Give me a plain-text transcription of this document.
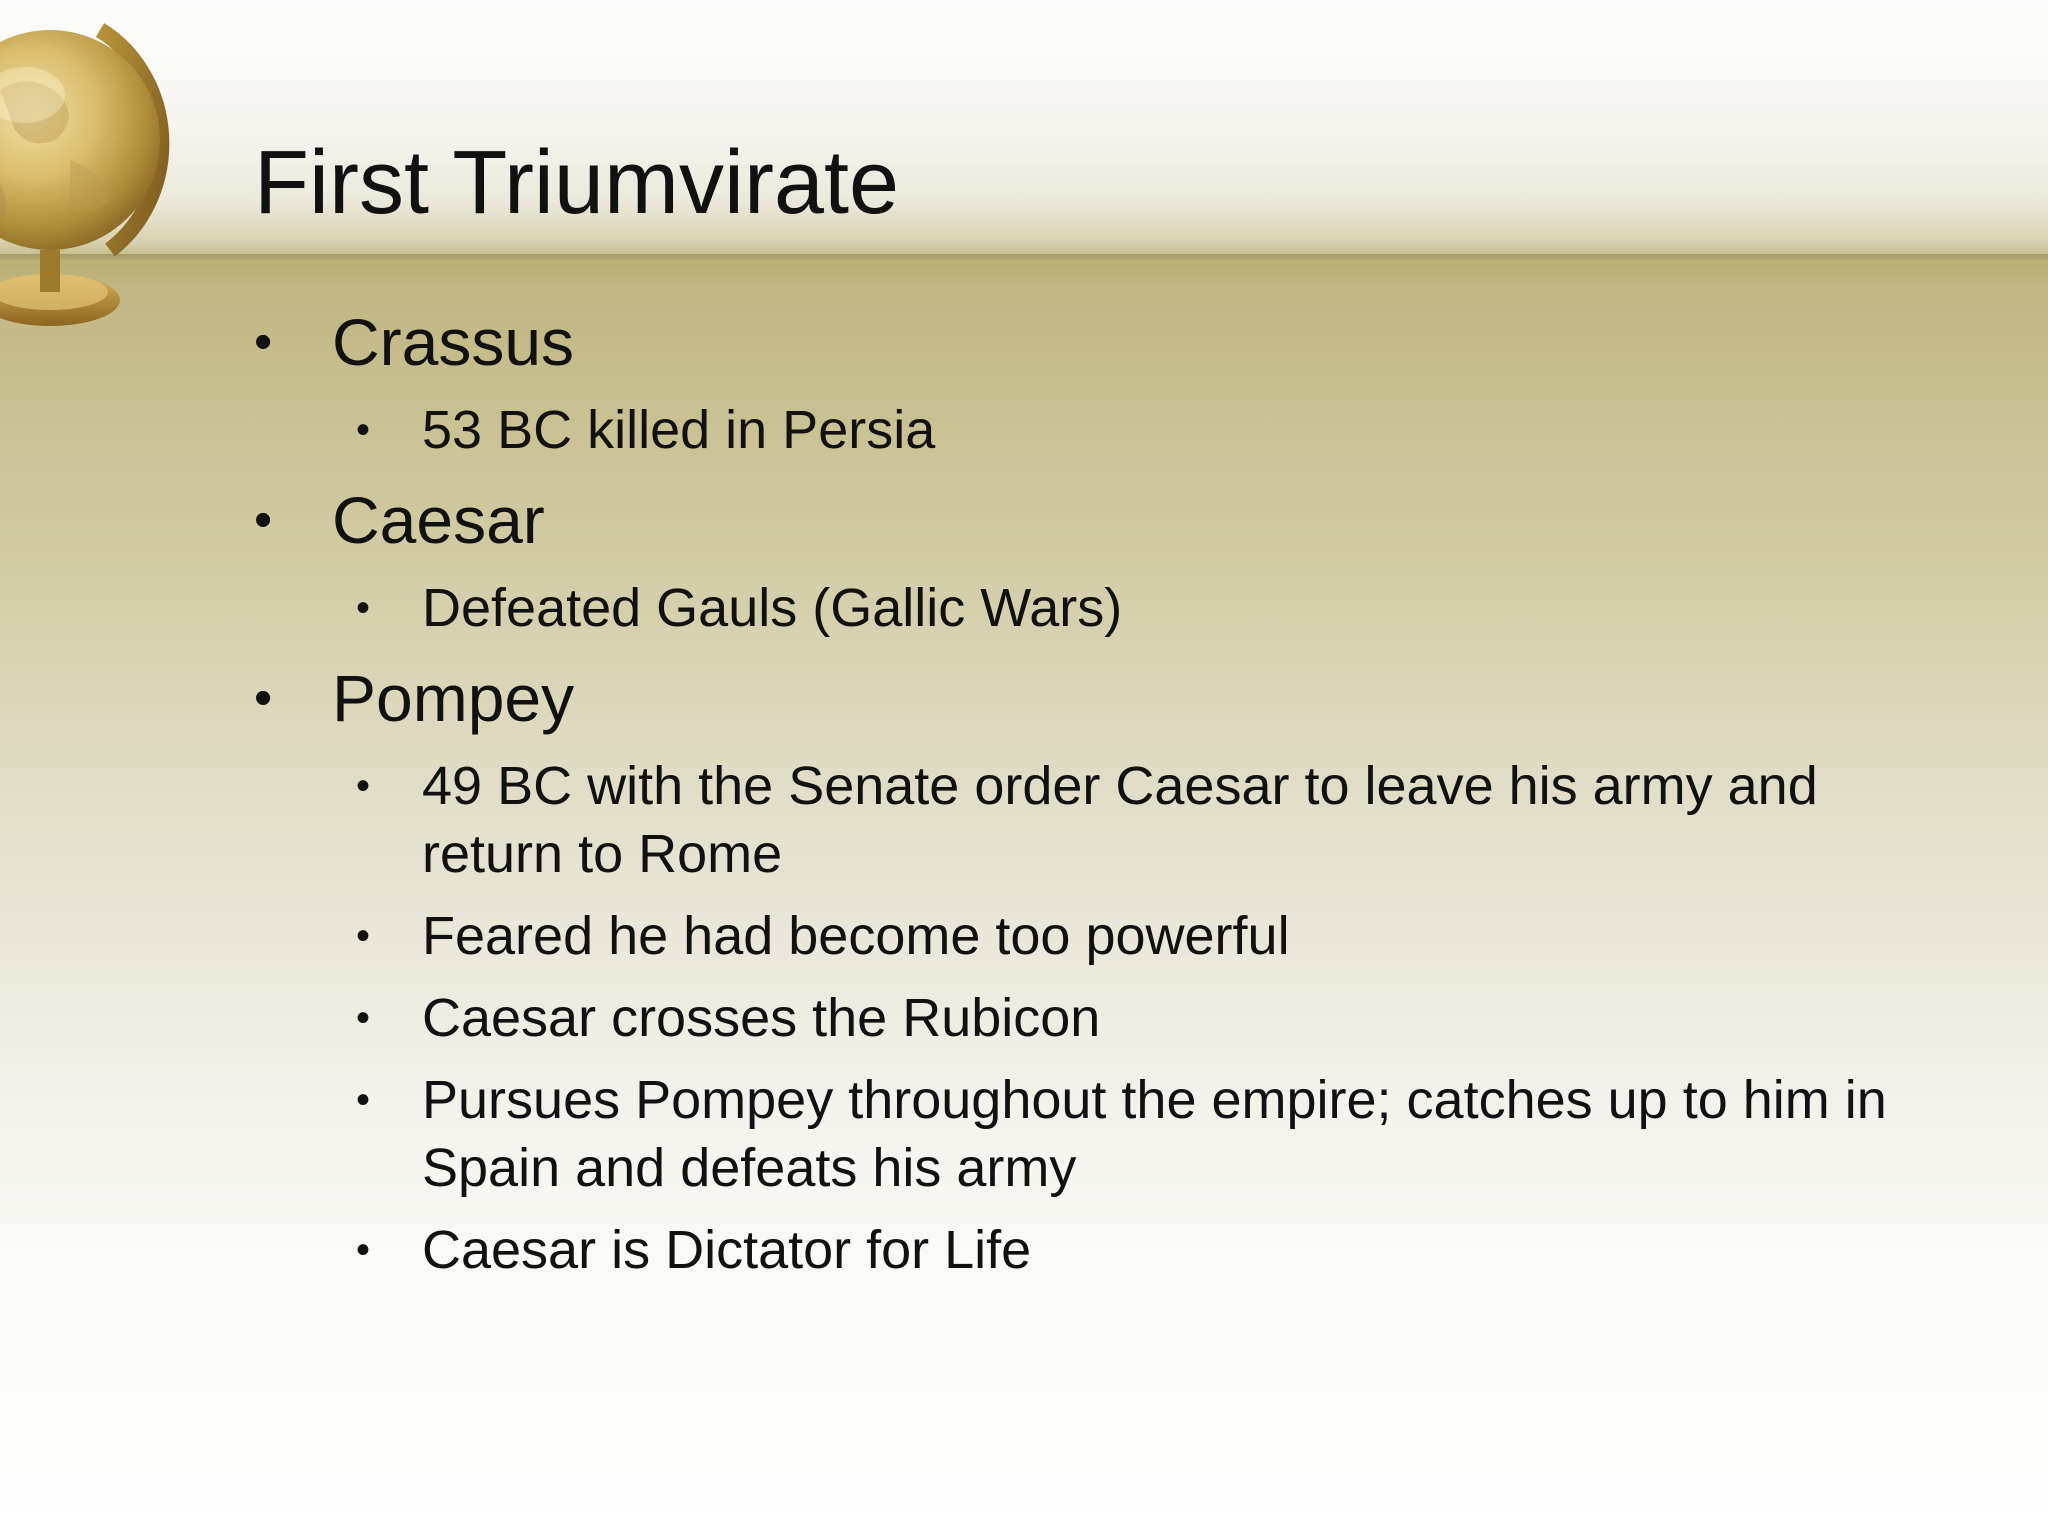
First Triumvirate
• Crassus
• 53 BC killed in Persia
• Caesar
• Defeated Gauls (Gallic Wars)
• Pompey
• 49 BC with the Senate order Caesar to leave his army and return to Rome
• Feared he had become too powerful
• Caesar crosses the Rubicon
• Pursues Pompey throughout the empire; catches up to him in Spain and defeats his army
• Caesar is Dictator for Life
